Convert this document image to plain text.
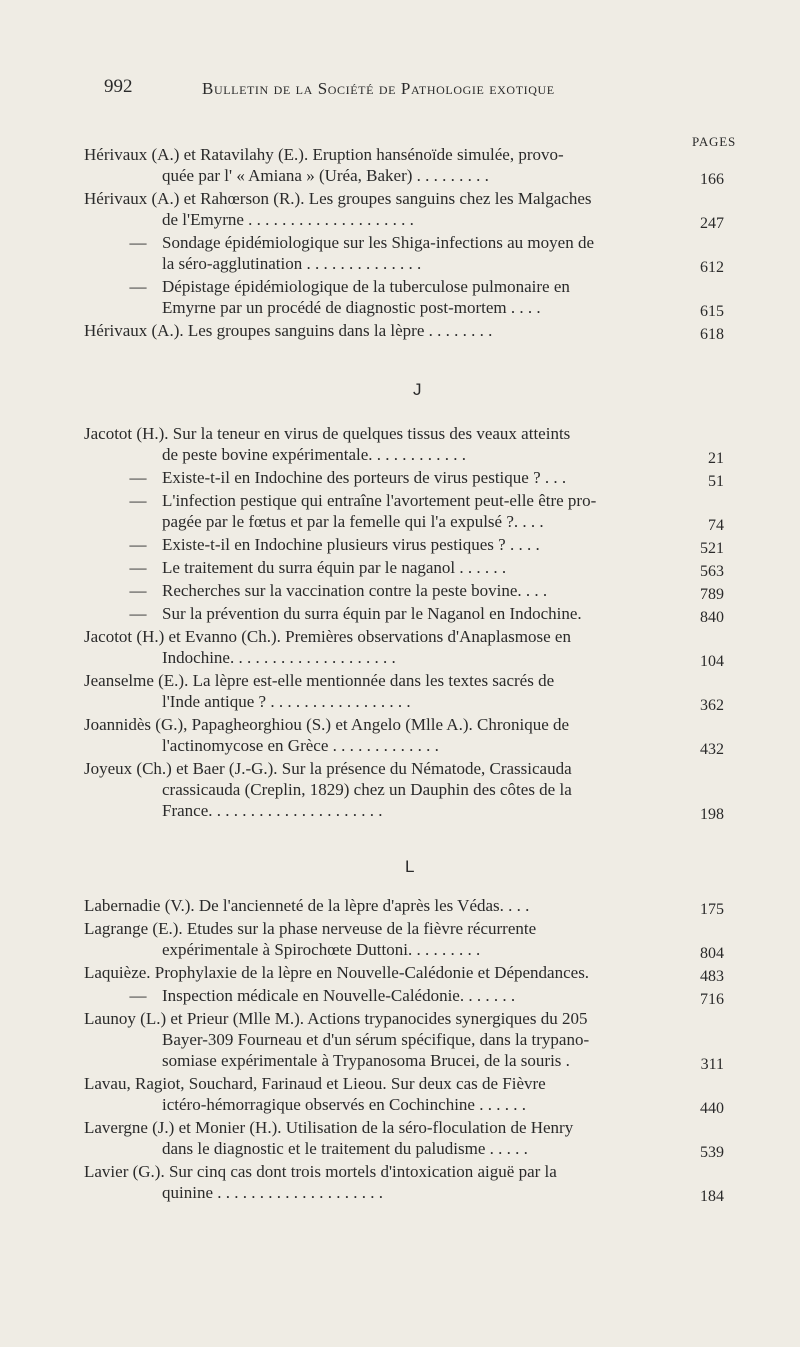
992	Bulletin de la Société de Pathologie exotique
PAGES
Hérivaux (A.) et Ratavilahy (E.). Eruption hansénoïde simulée, provo-
quée par l' « Amiana » (Uréa, Baker) . . . . . . . . .	166
Hérivaux (A.) et Rahœrson (R.). Les groupes sanguins chez les Malgaches
de l'Emyrne . . . . . . . . . . . . . . . . . . . .	247
— Sondage épidémiologique sur les Shiga-infections au moyen de
la séro-agglutination . . . . . . . . . . . . . .	612
— Dépistage épidémiologique de la tuberculose pulmonaire en
Emyrne par un procédé de diagnostic post-mortem . . . .	615
Hérivaux (A.). Les groupes sanguins dans la lèpre . . . . . . . .	618
J
Jacotot (H.). Sur la teneur en virus de quelques tissus des veaux atteints
de peste bovine expérimentale. . . . . . . . . . . .	21
— Existe-t-il en Indochine des porteurs de virus pestique ? . . .	51
— L'infection pestique qui entraîne l'avortement peut-elle être pro-
pagée par le fœtus et par la femelle qui l'a expulsé ?. . . .	74
— Existe-t-il en Indochine plusieurs virus pestiques ? . . . .	521
— Le traitement du surra équin par le naganol . . . . . .	563
— Recherches sur la vaccination contre la peste bovine. . . .	789
— Sur la prévention du surra équin par le Naganol en Indochine.	840
Jacotot (H.) et Evanno (Ch.). Premières observations d'Anaplasmose en
Indochine. . . . . . . . . . . . . . . . . . . .	104
Jeanselme (E.). La lèpre est-elle mentionnée dans les textes sacrés de
l'Inde antique ? . . . . . . . . . . . . . . . . .	362
Joannidès (G.), Papagheorghiou (S.) et Angelo (Mlle A.). Chronique de
l'actinomycose en Grèce . . . . . . . . . . . . .	432
Joyeux (Ch.) et Baer (J.-G.). Sur la présence du Nématode, Crassicauda
crassicauda (Creplin, 1829) chez un Dauphin des côtes de la
France. . . . . . . . . . . . . . . . . . . . .	198
L
Labernadie (V.). De l'ancienneté de la lèpre d'après les Védas. . . .	175
Lagrange (E.). Etudes sur la phase nerveuse de la fièvre récurrente
expérimentale à Spirochœte Duttoni. . . . . . . . .	804
Laquièze. Prophylaxie de la lèpre en Nouvelle-Calédonie et Dépendances.	483
— Inspection médicale en Nouvelle-Calédonie. . . . . . .	716
Launoy (L.) et Prieur (Mlle M.). Actions trypanocides synergiques du 205
Bayer-309 Fourneau et d'un sérum spécifique, dans la trypano-
somiase expérimentale à Trypanosoma Brucei, de la souris .	311
Lavau, Ragiot, Souchard, Farinaud et Lieou. Sur deux cas de Fièvre
ictéro-hémorragique observés en Cochinchine . . . . . .	440
Lavergne (J.) et Monier (H.). Utilisation de la séro-floculation de Henry
dans le diagnostic et le traitement du paludisme . . . . .	539
Lavier (G.). Sur cinq cas dont trois mortels d'intoxication aiguë par la
quinine . . . . . . . . . . . . . . . . . . . .	184
